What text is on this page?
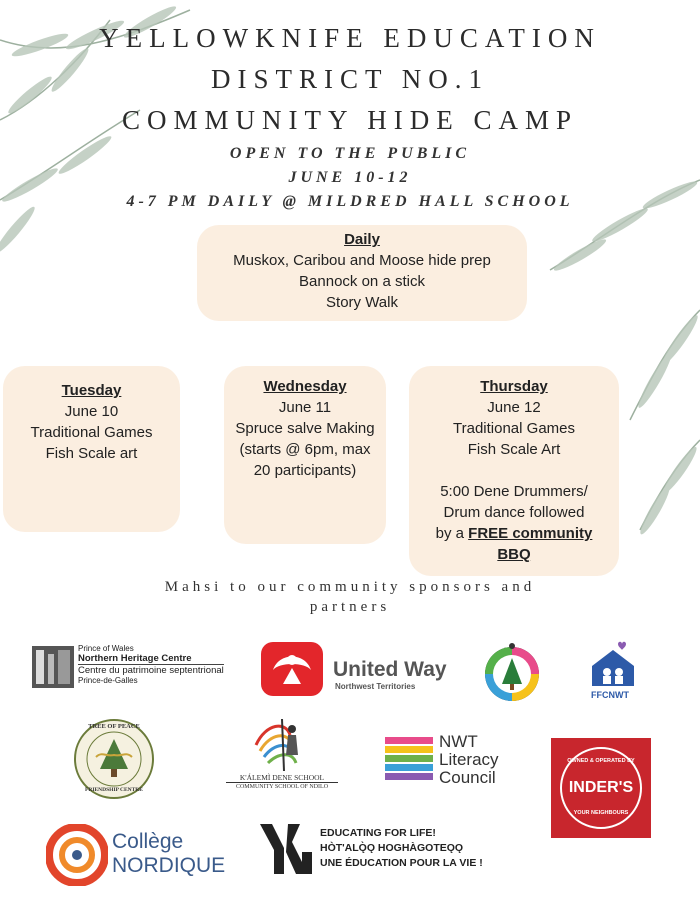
YELLOWKNIFE EDUCATION
DISTRICT NO.1
COMMUNITY HIDE CAMP
OPEN TO THE PUBLIC
JUNE 10-12
4-7 PM DAILY @ MILDRED HALL SCHOOL
Daily
Muskox, Caribou and Moose hide prep
Bannock on a stick
Story Walk
Tuesday
June 10
Traditional Games
Fish Scale art
Wednesday
June 11
Spruce salve Making
(starts @ 6pm, max
20 participants)
Thursday
June 12
Traditional Games
Fish Scale Art
5:00 Dene Drummers/
Drum dance followed
by a FREE community
BBQ
Mahsi to our community sponsors and
partners
Prince of Wales
Northern Heritage Centre
Centre du patrimoine septentrional
Prince-de-Galles	United Way
Northwest Territories
FFCNWT
TREE OF PEACE
FRIENDSHIP CENTRE
K'ÁLEMÌ DENE SCHOOL
COMMUNITY SCHOOL OF NDILO
NWT
Literacy
Council
OWNED & OPERATED BY
INDER'S
YOUR NEIGHBOURS
Collège
NORDIQUE
EDUCATING FOR LIFE!
HÒT'ALǪ̀Ǫ HOGHÀGOTEǪǪ
UNE ÉDUCATION POUR LA VIE !
